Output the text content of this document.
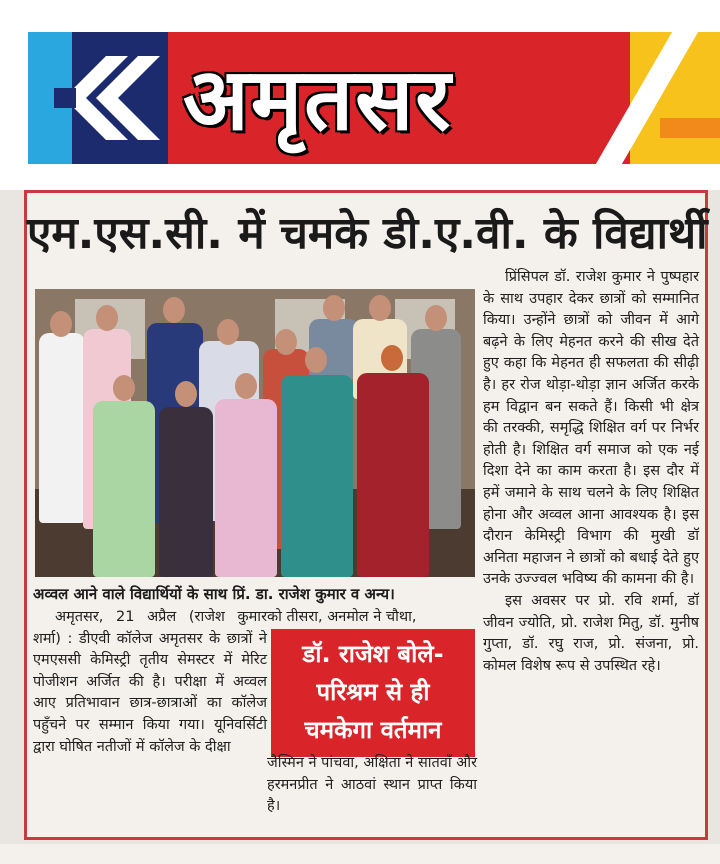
अमृतसर
एम.एस.सी. में चमके डी.ए.वी. के विद्यार्थी
अव्वल आने वाले विद्यार्थियों के साथ प्रिं. डा. राजेश कुमार व अन्य।
प्रिंसिपल डॉ. राजेश कुमार ने पुष्पहार के साथ उपहार देकर छात्रों को सम्मानित किया। उन्होंने छात्रों को जीवन में आगे बढ़ने के लिए मेहनत करने की सीख देते हुए कहा कि मेहनत ही सफलता की सीढ़ी है। हर रोज थोड़ा-थोड़ा ज्ञान अर्जित करके हम विद्वान बन सकते हैं। किसी भी क्षेत्र की तरक्की, समृद्धि शिक्षित वर्ग पर निर्भर होती है। शिक्षित वर्ग समाज को एक नई दिशा देने का काम करता है। इस दौर में हमें जमाने के साथ चलने के लिए शिक्षित होना और अव्वल आना आवश्यक है। इस दौरान केमिस्ट्री विभाग की मुखी डॉ अनिता महाजन ने छात्रों को बधाई देते हुए उनके उज्ज्वल भविष्य की कामना की है।
इस अवसर पर प्रो. रवि शर्मा, डॉ जीवन ज्योति, प्रो. राजेश मितु, डॉ. मुनीष गुप्ता, डॉ. रघु राज, प्रो. संजना, प्रो. कोमल विशेष रूप से उपस्थित रहे।
अमृतसर, 21 अप्रैल (राजेश कुमार शर्मा) : डीएवी कॉलेज अमृतसर के छात्रों ने एमएससी केमिस्ट्री तृतीय सेमस्टर में मेरिट पोजीशन अर्जित की है। परीक्षा में अव्वल आए प्रतिभावान छात्र-छात्राओं का कॉलेज पहुँचने पर सम्मान किया गया। यूनिवर्सिटी द्वारा घोषित नतीजों में कॉलेज के दीक्षा
को तीसरा, अनमोल ने चौथा,
डॉ. राजेश बोले-
परिश्रम से ही
चमकेगा वर्तमान
जैस्मिन ने पांचवा, अक्षिता ने सातवाँ और हरमनप्रीत ने आठवां स्थान प्राप्त किया है।
